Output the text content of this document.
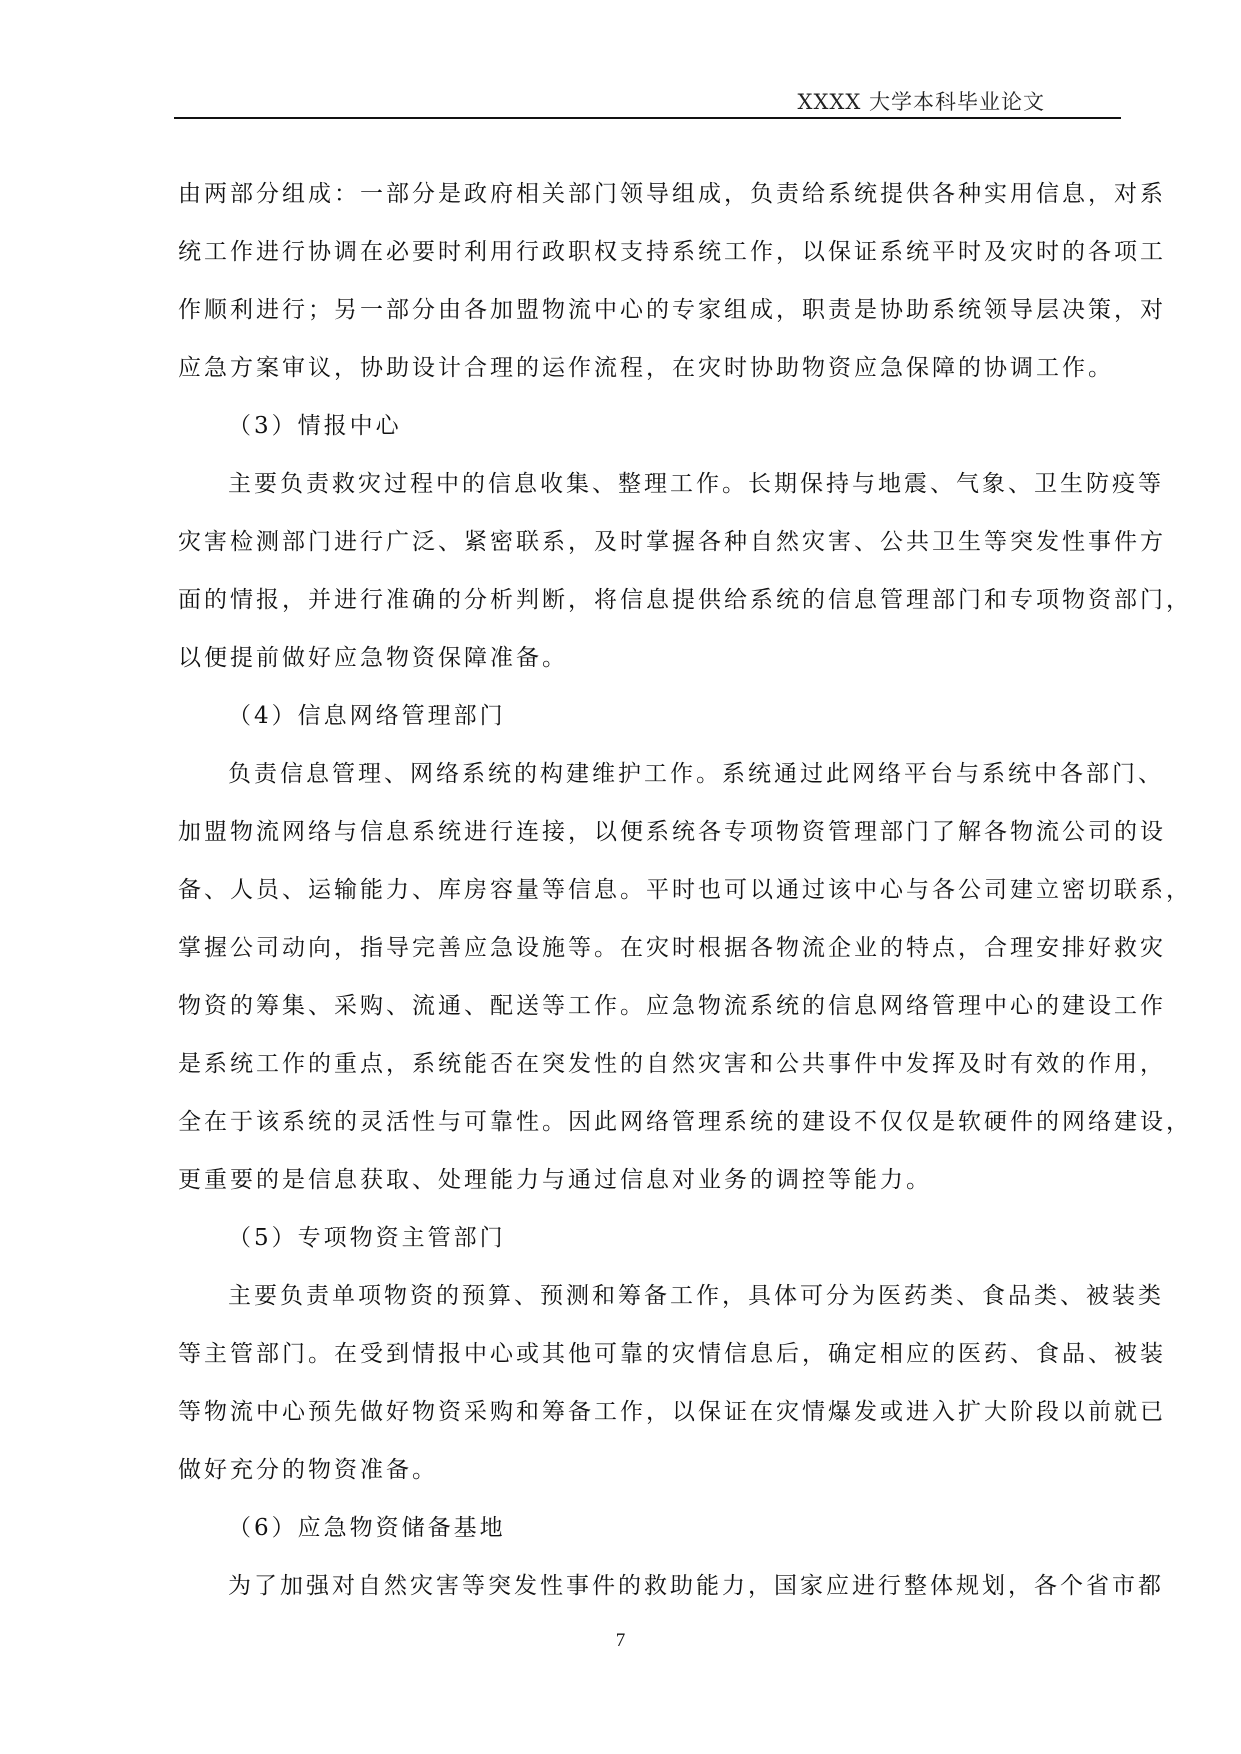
XXXX 大学本科毕业论文
由两部分组成：一部分是政府相关部门领导组成，负责给系统提供各种实用信息，对系
统工作进行协调在必要时利用行政职权支持系统工作，以保证系统平时及灾时的各项工
作顺利进行；另一部分由各加盟物流中心的专家组成，职责是协助系统领导层决策，对
应急方案审议，协助设计合理的运作流程，在灾时协助物资应急保障的协调工作。
（3）情报中心
主要负责救灾过程中的信息收集、整理工作。长期保持与地震、气象、卫生防疫等
灾害检测部门进行广泛、紧密联系，及时掌握各种自然灾害、公共卫生等突发性事件方
面的情报，并进行准确的分析判断，将信息提供给系统的信息管理部门和专项物资部门，
以便提前做好应急物资保障准备。
（4）信息网络管理部门
负责信息管理、网络系统的构建维护工作。系统通过此网络平台与系统中各部门、
加盟物流网络与信息系统进行连接，以便系统各专项物资管理部门了解各物流公司的设
备、人员、运输能力、库房容量等信息。平时也可以通过该中心与各公司建立密切联系，
掌握公司动向，指导完善应急设施等。在灾时根据各物流企业的特点，合理安排好救灾
物资的筹集、采购、流通、配送等工作。应急物流系统的信息网络管理中心的建设工作
是系统工作的重点，系统能否在突发性的自然灾害和公共事件中发挥及时有效的作用，
全在于该系统的灵活性与可靠性。因此网络管理系统的建设不仅仅是软硬件的网络建设，
更重要的是信息获取、处理能力与通过信息对业务的调控等能力。
（5）专项物资主管部门
主要负责单项物资的预算、预测和筹备工作，具体可分为医药类、食品类、被装类
等主管部门。在受到情报中心或其他可靠的灾情信息后，确定相应的医药、食品、被装
等物流中心预先做好物资采购和筹备工作，以保证在灾情爆发或进入扩大阶段以前就已
做好充分的物资准备。
（6）应急物资储备基地
为了加强对自然灾害等突发性事件的救助能力，国家应进行整体规划，各个省市都
7
